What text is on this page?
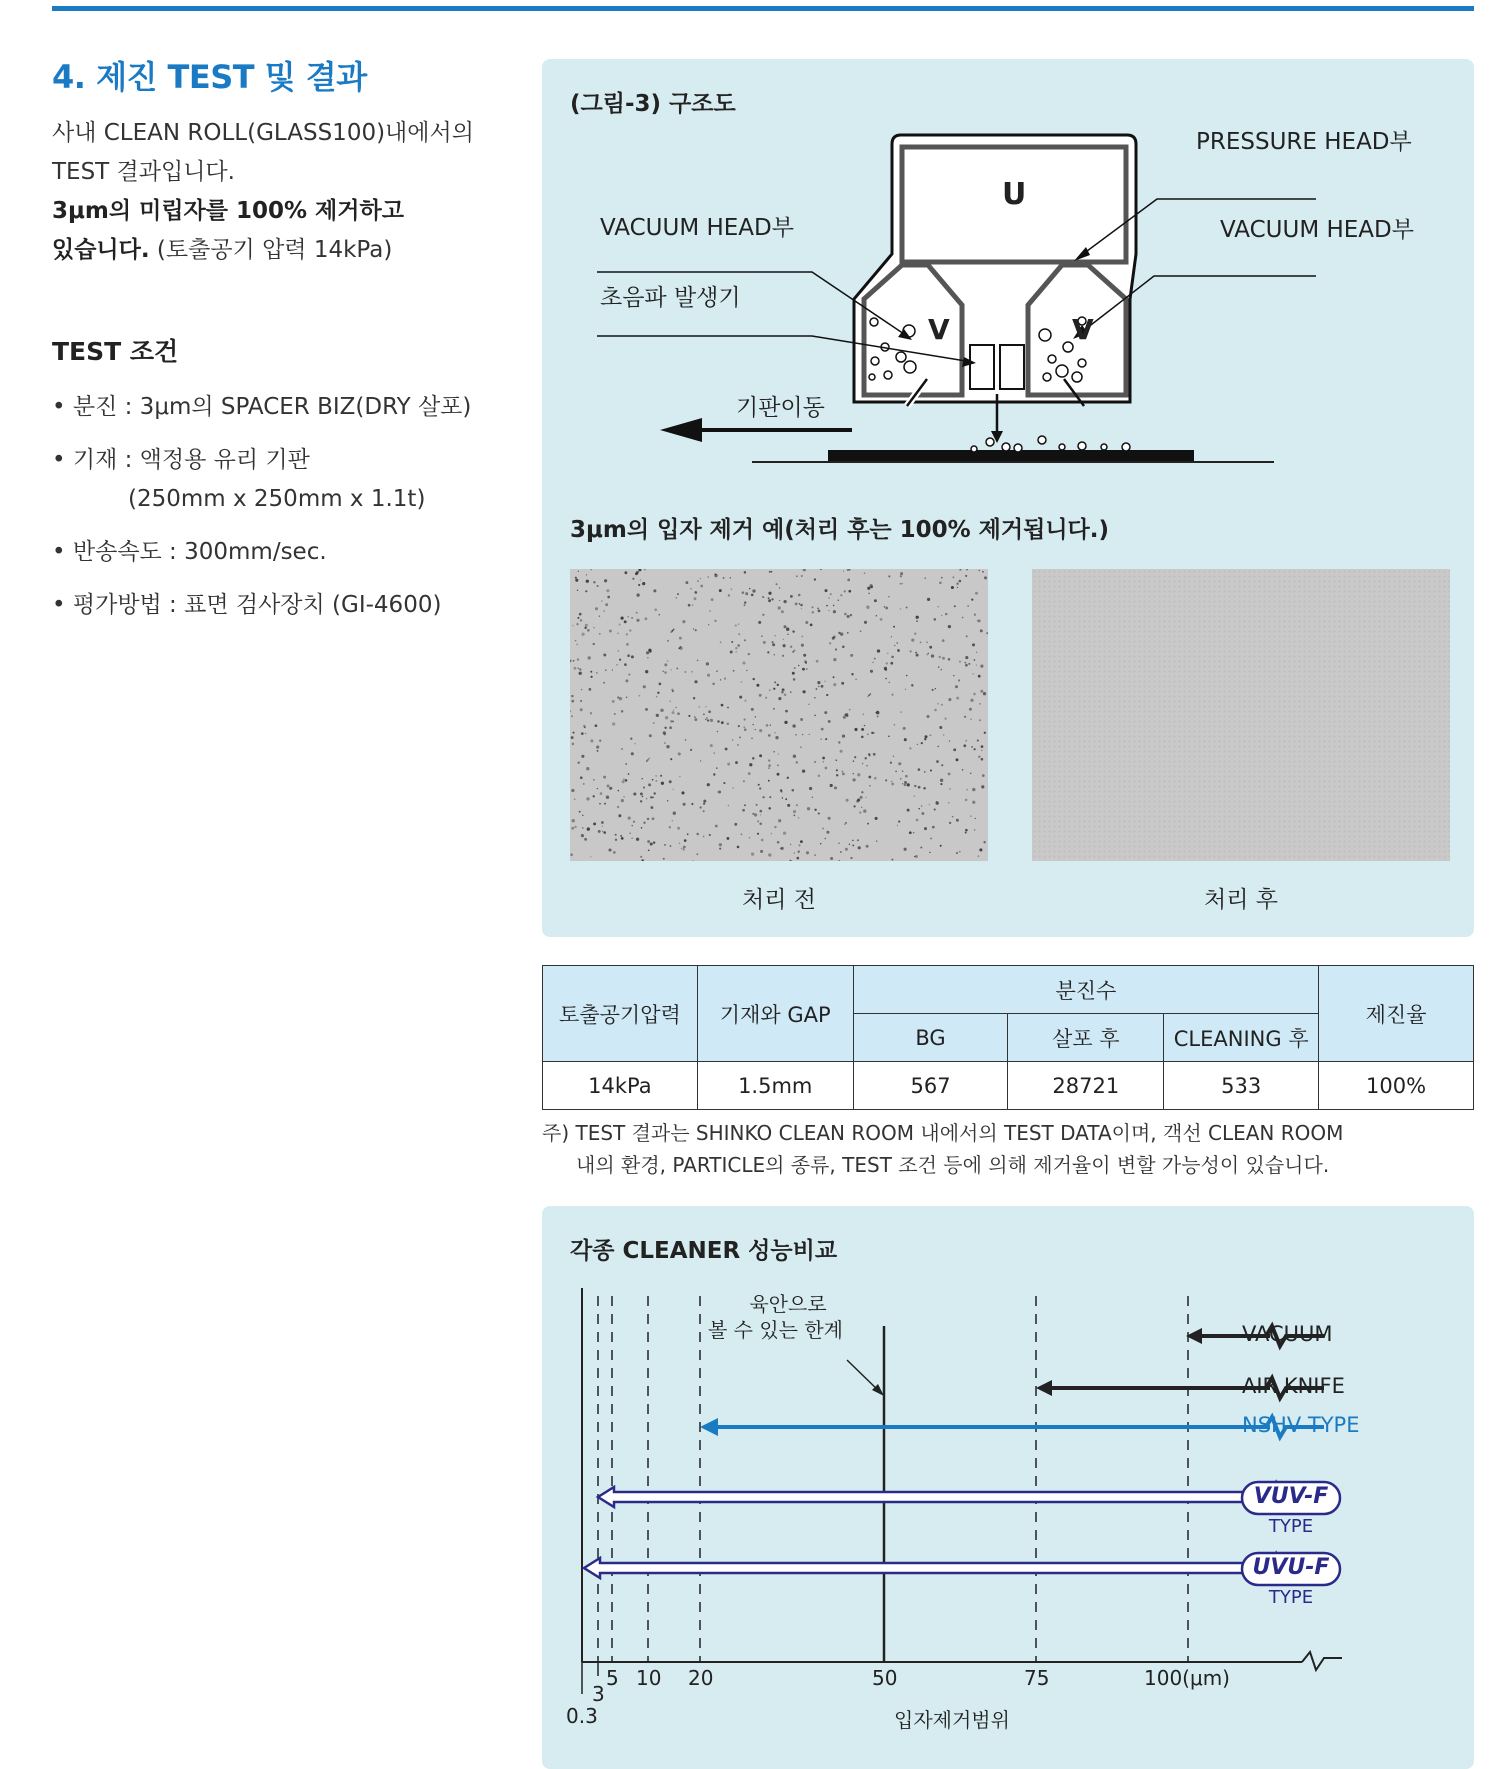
4. 제진 TEST 및 결과
사내 CLEAN ROLL(GLASS100)내에서의
TEST 결과입니다.
3μm의 미립자를 100% 제거하고
있습니다. (토출공기 압력 14kPa)
TEST 조건
• 분진 : 3μm의 SPACER BIZ(DRY 살포)
• 기재 : 액정용 유리 기판
(250mm x 250mm x 1.1t)
• 반송속도 : 300mm/sec.
• 평가방법 : 표면 검사장치 (GI-4600)
(그림-3) 구조도
PRESSURE HEAD부
VACUUM HEAD부
VACUUM HEAD부
초음파 발생기
기판이동
U
V	V
3μm의 입자 제거 예(처리 후는 100% 제거됩니다.)
처리 전	처리 후
토출공기압력	기재와 GAP	분진수			제진율
		BG	살포 후	CLEANING 후	
14kPa	1.5mm	567	28721	533	100%
주) TEST 결과는 SHINKO CLEAN ROOM 내에서의 TEST DATA이며, 객선 CLEAN ROOM
내의 환경, PARTICLE의 종류, TEST 조건 등에 의해 제거율이 변할 가능성이 있습니다.
각종 CLEANER 성능비교
육안으로
볼 수 있는 한계	VACUUM
AIR KNIFE
NSHV TYPE
VUV-F
TYPE
UVU-F
TYPE
0.3
3
5 10 20	50	75	100(μm)
입자제거범위
